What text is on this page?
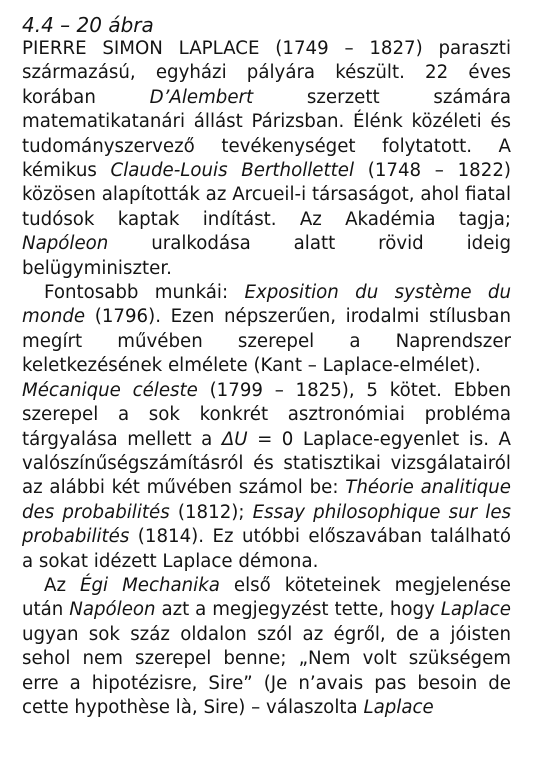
4.4 – 20 ábra
PIERRE SIMON LAPLACE (1749 – 1827) paraszti származású, egyházi pályára készült. 22 éves korában D’Alembert szerzett számára matematikatanári állást Párizsban. Élénk közéleti és tudományszervező tevékenységet folytatott. A kémikus Claude-Louis Berthollettel (1748 – 1822) közösen alapították az Arcueil-i társaságot, ahol fiatal tudósok kaptak indítást. Az Akadémia tagja; Napóleon uralkodása alatt rövid ideig belügyminiszter.
Fontosabb munkái: Exposition du système du monde (1796). Ezen népszerűen, irodalmi stílusban megírt művében szerepel a Naprendszer keletkezésének elmélete (Kant – Laplace-elmélet).
Mécanique céleste (1799 – 1825), 5 kötet. Ebben szerepel a sok konkrét asztronómiai probléma tárgyalása mellett a ΔU = 0 Laplace-egyenlet is. A valószínűségszámításról és statisztikai vizsgálatairól az alábbi két művében számol be: Théorie analitique des probabilités (1812); Essay philosophique sur les probabilités (1814). Ez utóbbi előszavában található a sokat idézett Laplace démona.
Az Égi Mechanika első köteteinek megjelenése után Napóleon azt a megjegyzést tette, hogy Laplace ugyan sok száz oldalon szól az égről, de a jóisten sehol nem szerepel benne; „Nem volt szükségem erre a hipotézisre, Sire” (Je n’avais pas besoin de cette hypothèse là, Sire) – válaszolta Laplace
